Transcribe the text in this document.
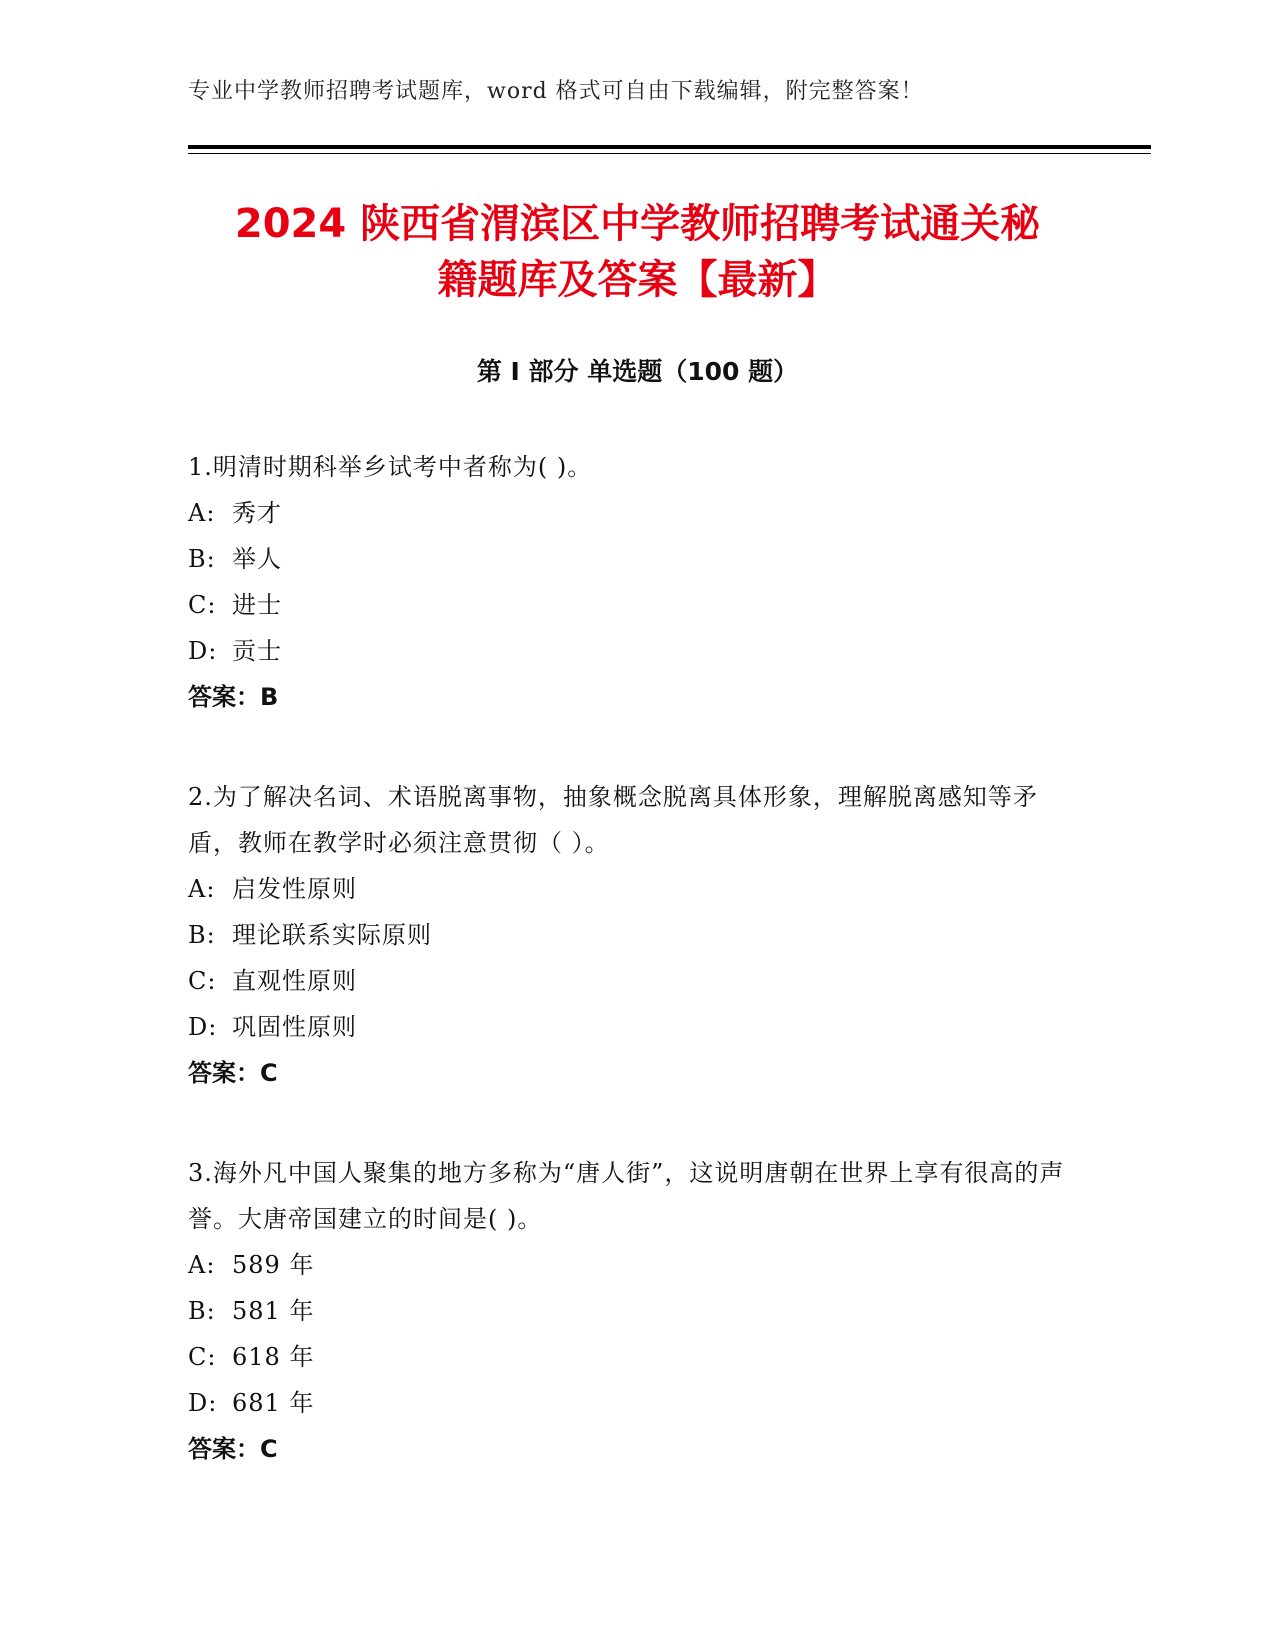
专业中学教师招聘考试题库，word 格式可自由下载编辑，附完整答案！
2024 陕西省渭滨区中学教师招聘考试通关秘
籍题库及答案【最新】
第 I 部分 单选题（100 题）
1.明清时期科举乡试考中者称为( )。
A: 秀才
B: 举人
C: 进士
D: 贡士
答案：B
2.为了解决名词、术语脱离事物，抽象概念脱离具体形象，理解脱离感知等矛盾，教师在教学时必须注意贯彻（ ）。
A: 启发性原则
B: 理论联系实际原则
C: 直观性原则
D: 巩固性原则
答案：C
3.海外凡中国人聚集的地方多称为“唐人街”，这说明唐朝在世界上享有很高的声誉。大唐帝国建立的时间是( )。
A: 589 年
B: 581 年
C: 618 年
D: 681 年
答案：C
